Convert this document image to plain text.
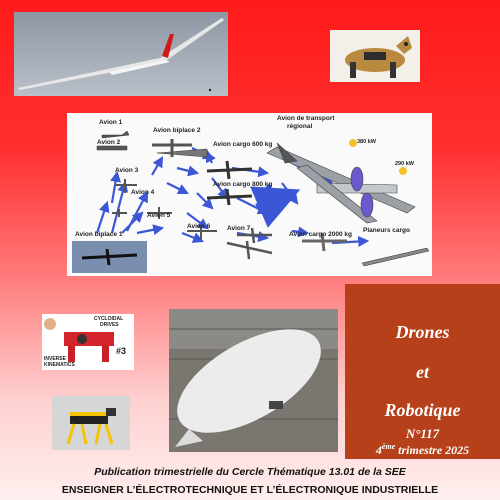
Avion 1
Avion 2
Avion biplace 2
Avion cargo 600 kg
Avion de transport
régional
380 kW
290 kW
Avion 3
Avion cargo 800 kg
Avion 4
Avion 5
Avion 6	Avion 7
Avion cargo 2000 kg
Planeurs cargo
Avion biplace 1
CYCLOIDAL
DRIVES
INVERSE
KINEMATICS
#3
Drones
et
Robotique
N°117
4ème trimestre 2025
Publication trimestrielle du Cercle Thématique 13.01 de la SEE
ENSEIGNER L’ÉLECTROTECHNIQUE ET L’ÉLECTRONIQUE INDUSTRIELLE
